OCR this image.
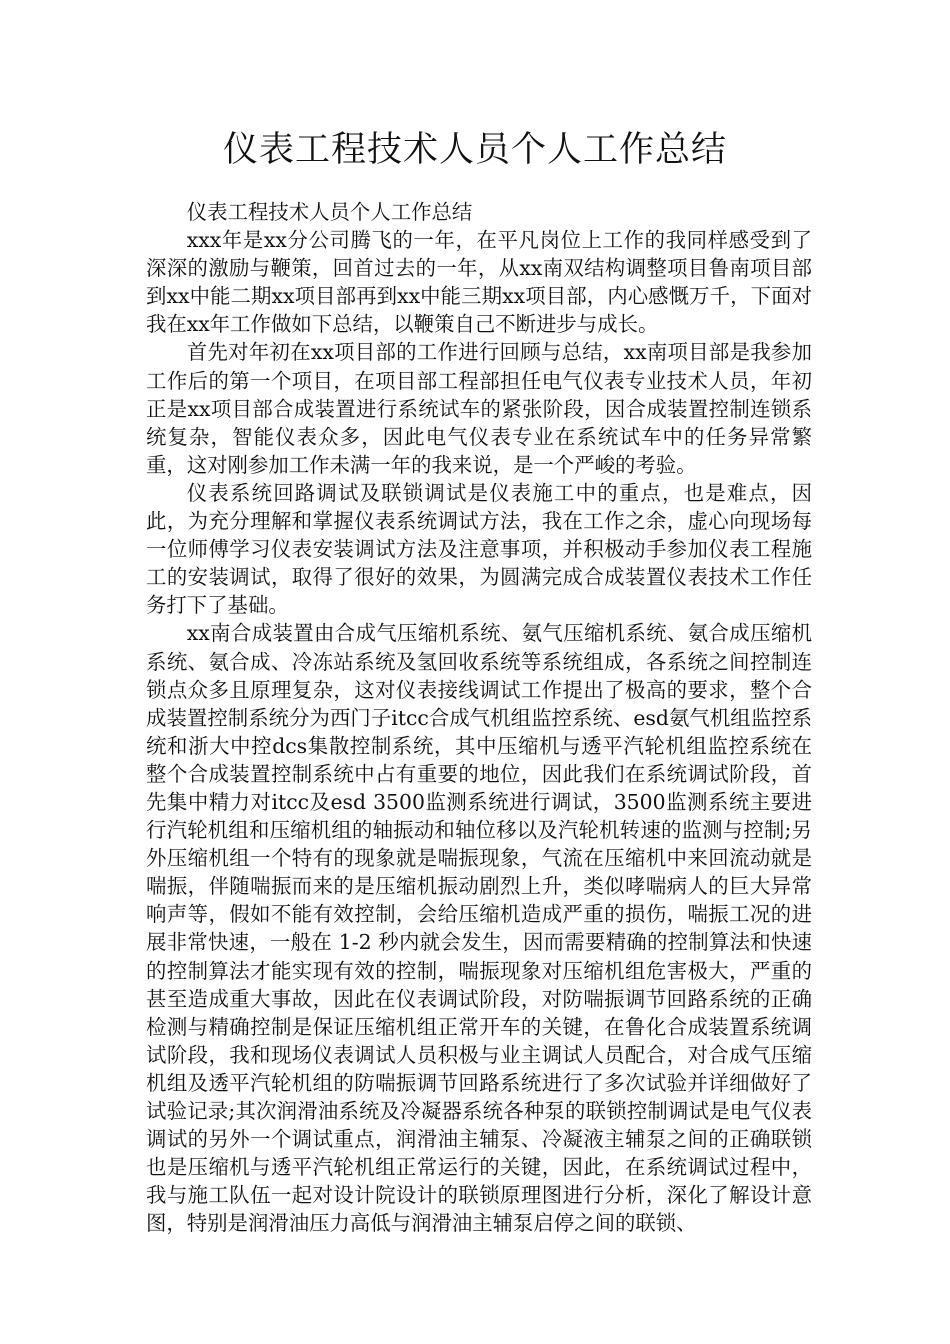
仪表工程技术人员个人工作总结

仪表工程技术人员个人工作总结

xxx年是xx分公司腾飞的一年，在平凡岗位上工作的我同样感受到了深深的激励与鞭策，回首过去的一年，从xx南双结构调整项目鲁南项目部到xx中能二期xx项目部再到xx中能三期xx项目部，内心感慨万千，下面对我在xx年工作做如下总结，以鞭策自己不断进步与成长。

首先对年初在xx项目部的工作进行回顾与总结，xx南项目部是我参加工作后的第一个项目，在项目部工程部担任电气仪表专业技术人员，年初正是xx项目部合成装置进行系统试车的紧张阶段，因合成装置控制连锁系统复杂，智能仪表众多，因此电气仪表专业在系统试车中的任务异常繁重，这对刚参加工作未满一年的我来说，是一个严峻的考验。

仪表系统回路调试及联锁调试是仪表施工中的重点，也是难点，因此，为充分理解和掌握仪表系统调试方法，我在工作之余，虚心向现场每一位师傅学习仪表安装调试方法及注意事项，并积极动手参加仪表工程施工的安装调试，取得了很好的效果，为圆满完成合成装置仪表技术工作任务打下了基础。

xx南合成装置由合成气压缩机系统、氨气压缩机系统、氨合成压缩机系统、氨合成、冷冻站系统及氢回收系统等系统组成，各系统之间控制连锁点众多且原理复杂，这对仪表接线调试工作提出了极高的要求，整个合成装置控制系统分为西门子itcc合成气机组监控系统、esd氨气机组监控系统和浙大中控dcs集散控制系统，其中压缩机与透平汽轮机组监控系统在整个合成装置控制系统中占有重要的地位，因此我们在系统调试阶段，首先集中精力对itcc及esd 3500监测系统进行调试，3500监测系统主要进行汽轮机组和压缩机组的轴振动和轴位移以及汽轮机转速的监测与控制;另外压缩机组一个特有的现象就是喘振现象，气流在压缩机中来回流动就是喘振，伴随喘振而来的是压缩机振动剧烈上升，类似哮喘病人的巨大异常响声等，假如不能有效控制，会给压缩机造成严重的损伤，喘振工况的进展非常快速，一般在 1-2 秒内就会发生，因而需要精确的控制算法和快速的控制算法才能实现有效的控制，喘振现象对压缩机组危害极大，严重的甚至造成重大事故，因此在仪表调试阶段，对防喘振调节回路系统的正确检测与精确控制是保证压缩机组正常开车的关键，在鲁化合成装置系统调试阶段，我和现场仪表调试人员积极与业主调试人员配合，对合成气压缩机组及透平汽轮机组的防喘振调节回路系统进行了多次试验并详细做好了试验记录;其次润滑油系统及冷凝器系统各种泵的联锁控制调试是电气仪表调试的另外一个调试重点，润滑油主辅泵、冷凝液主辅泵之间的正确联锁也是压缩机与透平汽轮机组正常运行的关键，因此，在系统调试过程中，我与施工队伍一起对设计院设计的联锁原理图进行分析，深化了解设计意图，特别是润滑油压力高低与润滑油主辅泵启停之间的联锁、
